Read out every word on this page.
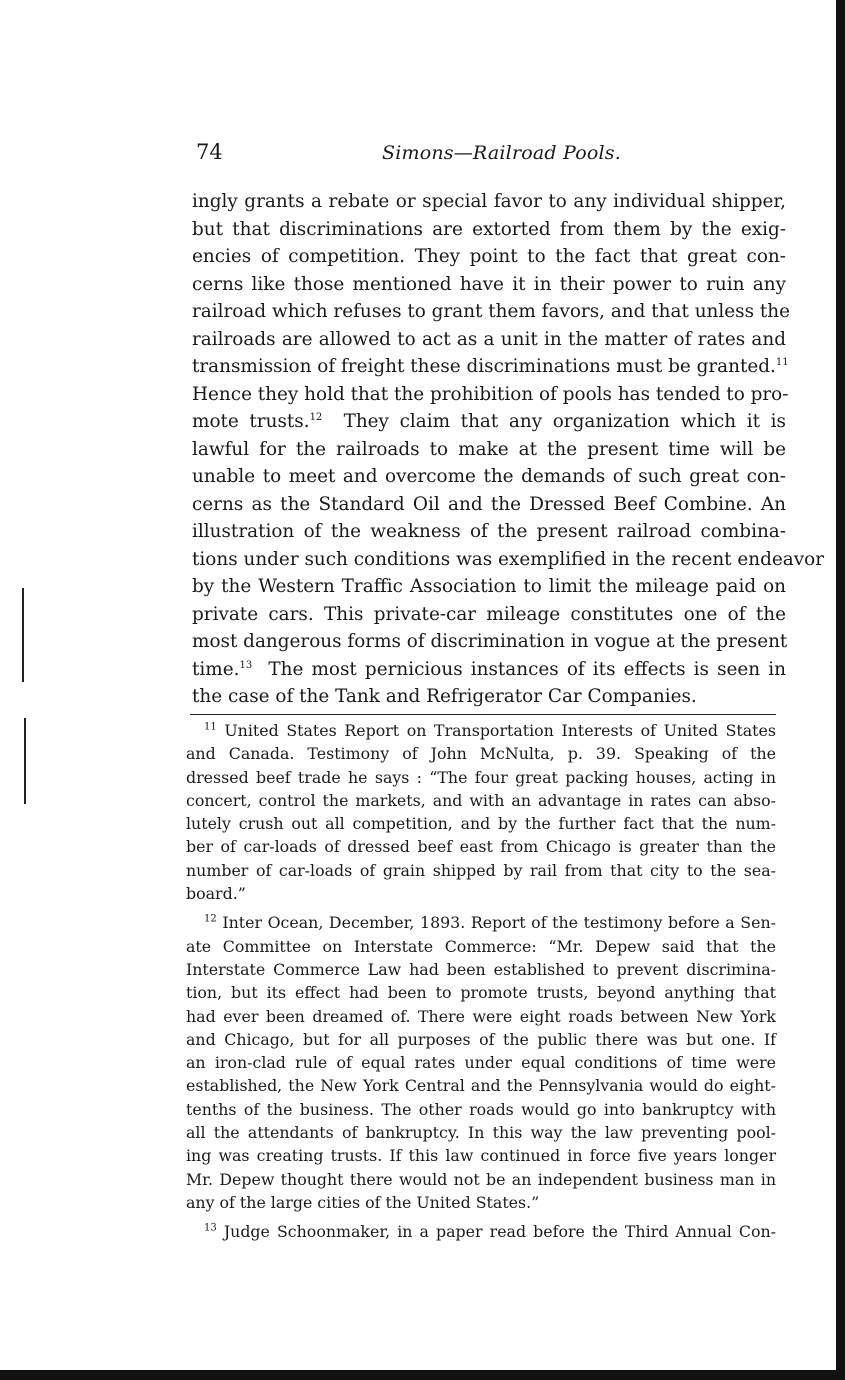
74	Simons—Railroad Pools.
ingly grants a rebate or special favor to any individual shipper,
but that discriminations are extorted from them by the exig-
encies of competition. They point to the fact that great con-
cerns like those mentioned have it in their power to ruin any
railroad which refuses to grant them favors, and that unless the
railroads are allowed to act as a unit in the matter of rates and
transmission of freight these discriminations must be granted.$^{11}$
Hence they hold that the prohibition of pools has tended to pro-
mote trusts.$^{12}$ They claim that any organization which it is
lawful for the railroads to make at the present time will be
unable to meet and overcome the demands of such great con-
cerns as the Standard Oil and the Dressed Beef Combine. An
illustration of the weakness of the present railroad combina-
tions under such conditions was exemplified in the recent endeavor
by the Western Traffic Association to limit the mileage paid on
private cars. This private-car mileage constitutes one of the
most dangerous forms of discrimination in vogue at the present
time.$^{13}$ The most pernicious instances of its effects is seen in
the case of the Tank and Refrigerator Car Companies.
$^{11}$ United States Report on Transportation Interests of United States
and Canada. Testimony of John McNulta, p. 39. Speaking of the
dressed beef trade he says : “The four great packing houses, acting in
concert, control the markets, and with an advantage in rates can abso-
lutely crush out all competition, and by the further fact that the num-
ber of car-loads of dressed beef east from Chicago is greater than the
number of car-loads of grain shipped by rail from that city to the sea-
board.”
$^{12}$ Inter Ocean, December, 1893. Report of the testimony before a Sen-
ate Committee on Interstate Commerce: “Mr. Depew said that the
Interstate Commerce Law had been established to prevent discrimina-
tion, but its effect had been to promote trusts, beyond anything that
had ever been dreamed of. There were eight roads between New York
and Chicago, but for all purposes of the public there was but one. If
an iron-clad rule of equal rates under equal conditions of time were
established, the New York Central and the Pennsylvania would do eight-
tenths of the business. The other roads would go into bankruptcy with
all the attendants of bankruptcy. In this way the law preventing pool-
ing was creating trusts. If this law continued in force five years longer
Mr. Depew thought there would not be an independent business man in
any of the large cities of the United States.”
$^{13}$ Judge Schoonmaker, in a paper read before the Third Annual Con-
